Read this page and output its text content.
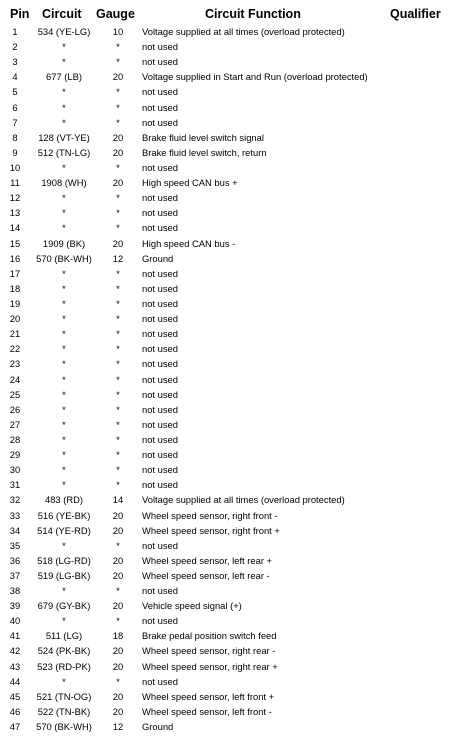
Pin Circuit Gauge	Circuit Function	Qualifier
1	534 (YE-LG)	10	Voltage supplied at all times (overload protected)
2	*	*	not used
3	*	*	not used
4	677 (LB)	20	Voltage supplied in Start and Run (overload protected)
5	*	*	not used
6	*	*	not used
7	*	*	not used
8	128 (VT-YE)	20	Brake fluid level switch signal
9	512 (TN-LG)	20	Brake fluid level switch, return
10	*	*	not used
11	1908 (WH)	20	High speed CAN bus +
12	*	*	not used
13	*	*	not used
14	*	*	not used
15	1909 (BK)	20	High speed CAN bus -
16	570 (BK-WH)	12	Ground
17	*	*	not used
18	*	*	not used
19	*	*	not used
20	*	*	not used
21	*	*	not used
22	*	*	not used
23	*	*	not used
24	*	*	not used
25	*	*	not used
26	*	*	not used
27	*	*	not used
28	*	*	not used
29	*	*	not used
30	*	*	not used
31	*	*	not used
32	483 (RD)	14	Voltage supplied at all times (overload protected)
33	516 (YE-BK)	20	Wheel speed sensor, right front -
34	514 (YE-RD)	20	Wheel speed sensor, right front +
35	*	*	not used
36	518 (LG-RD)	20	Wheel speed sensor, left rear +
37	519 (LG-BK)	20	Wheel speed sensor, left rear -
38	*	*	not used
39	679 (GY-BK)	20	Vehicle speed signal (+)
40	*	*	not used
41	511 (LG)	18	Brake pedal position switch feed
42	524 (PK-BK)	20	Wheel speed sensor, right rear -
43	523 (RD-PK)	20	Wheel speed sensor, right rear +
44	*	*	not used
45	521 (TN-OG)	20	Wheel speed sensor, left front +
46	522 (TN-BK)	20	Wheel speed sensor, left front -
47	570 (BK-WH)	12	Ground
